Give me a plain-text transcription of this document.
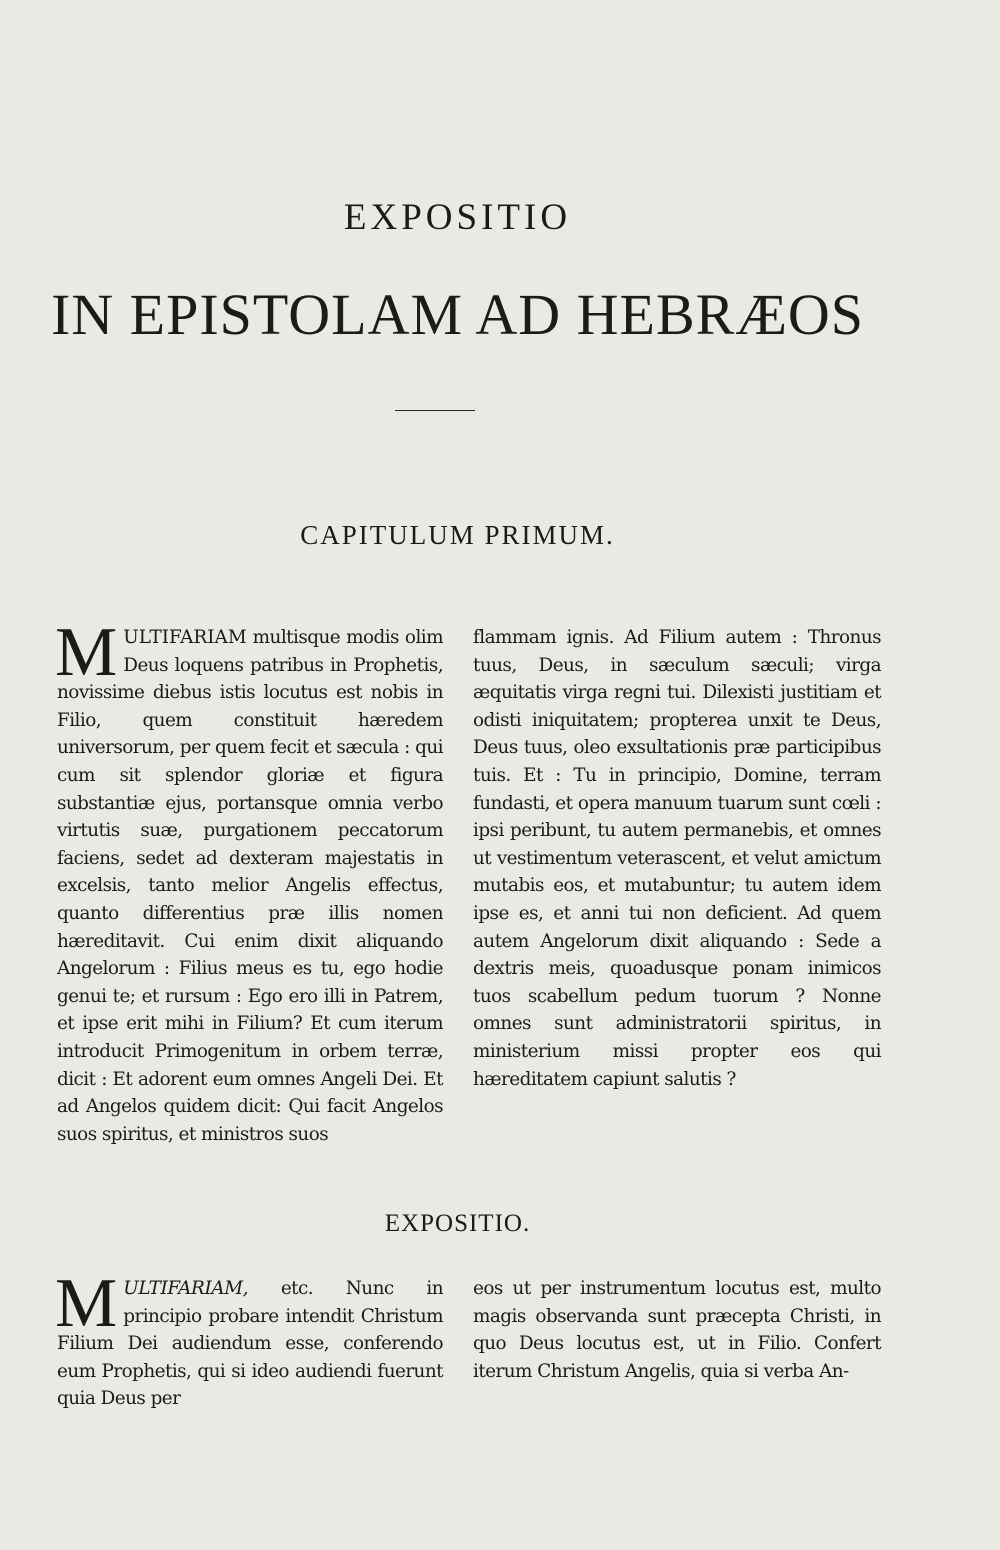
EXPOSITIO
IN EPISTOLAM AD HEBRÆOS
CAPITULUM PRIMUM.
MULTIFARIAM multisque modis olim Deus loquens patribus in Prophetis, novissime diebus istis locutus est nobis in Filio, quem constituit hæredem universorum, per quem fecit et sæcula : qui cum sit splendor gloriæ et figura substantiæ ejus, portansque omnia verbo virtutis suæ, purgationem peccatorum faciens, sedet ad dexteram majestatis in excelsis, tanto melior Angelis effectus, quanto differentius præ illis nomen hæreditavit. Cui enim dixit aliquando Angelorum : Filius meus es tu, ego hodie genui te; et rursum : Ego ero illi in Patrem, et ipse erit mihi in Filium? Et cum iterum introducit Primogenitum in orbem terræ, dicit : Et adorent eum omnes Angeli Dei. Et ad Angelos quidem dicit: Qui facit Angelos suos spiritus, et ministros suos
flammam ignis. Ad Filium autem : Thronus tuus, Deus, in sæculum sæculi; virga æquitatis virga regni tui. Dilexisti justitiam et odisti iniquitatem; propterea unxit te Deus, Deus tuus, oleo exsultationis præ participibus tuis. Et : Tu in principio, Domine, terram fundasti, et opera manuum tuarum sunt cœli : ipsi peribunt, tu autem permanebis, et omnes ut vestimentum veterascent, et velut amictum mutabis eos, et mutabuntur; tu autem idem ipse es, et anni tui non deficient. Ad quem autem Angelorum dixit aliquando : Sede a dextris meis, quoadusque ponam inimicos tuos scabellum pedum tuorum ? Nonne omnes sunt administratorii spiritus, in ministerium missi propter eos qui hæreditatem capiunt salutis ?
EXPOSITIO.
MULTIFARIAM, etc. Nunc in principio probare intendit Christum Filium Dei audiendum esse, conferendo eum Prophetis, qui si ideo audiendi fuerunt quia Deus per
eos ut per instrumentum locutus est, multo magis observanda sunt præcepta Christi, in quo Deus locutus est, ut in Filio. Confert iterum Christum Angelis, quia si verba An-
